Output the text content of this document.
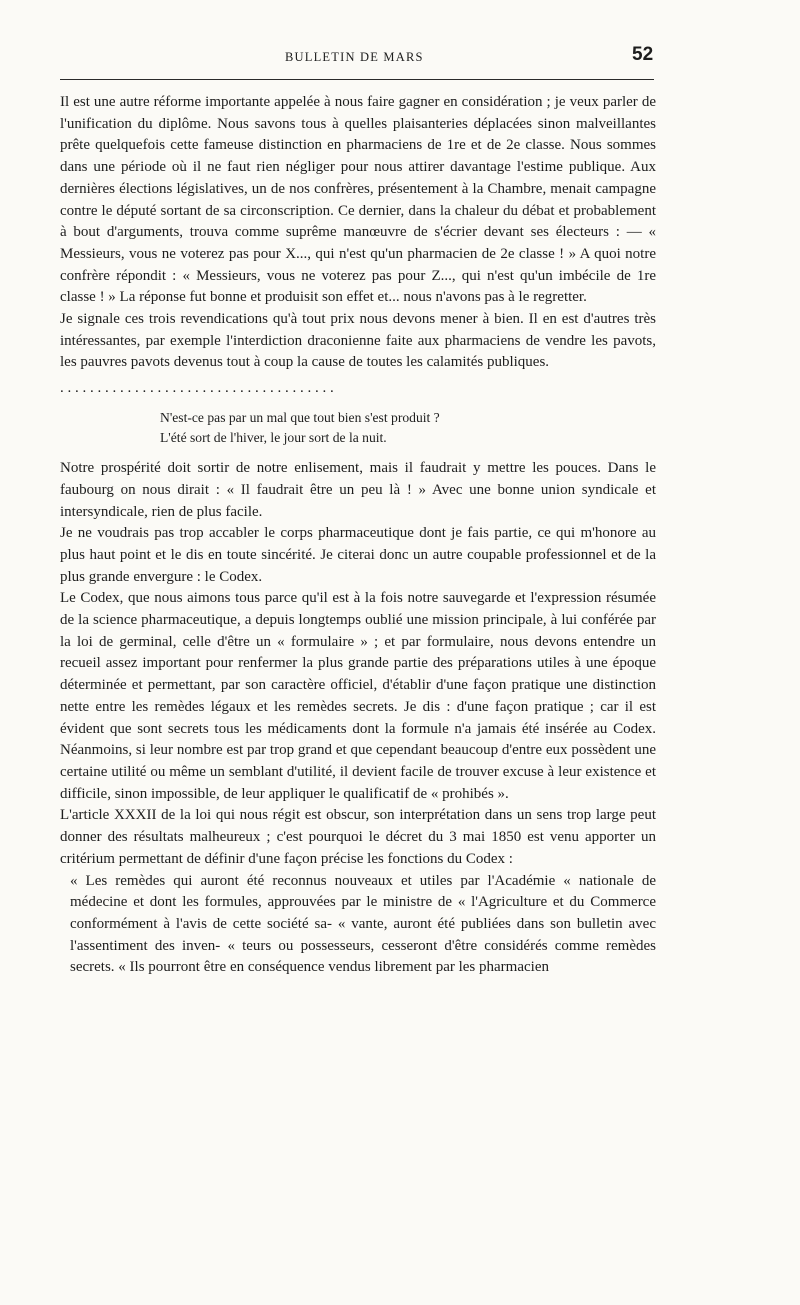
BULLETIN DE MARS	52

Il est une autre réforme importante appelée à nous faire gagner en considération ; je veux parler de l'unification du diplôme. Nous savons tous à quelles plaisanteries déplacées sinon malveillantes prête quelquefois cette fameuse distinction en pharmaciens de 1re et de 2e classe. Nous sommes dans une période où il ne faut rien négliger pour nous attirer davantage l'estime publique. Aux dernières élections législatives, un de nos confrères, présentement à la Chambre, menait campagne contre le député sortant de sa circonscription. Ce dernier, dans la chaleur du débat et probablement à bout d'arguments, trouva comme suprême manœuvre de s'écrier devant ses électeurs : — « Messieurs, vous ne voterez pas pour X..., qui n'est qu'un pharmacien de 2e classe ! » A quoi notre confrère répondit : « Messieurs, vous ne voterez pas pour Z..., qui n'est qu'un imbécile de 1re classe ! » La réponse fut bonne et produisit son effet et... nous n'avons pas à le regretter.

Je signale ces trois revendications qu'à tout prix nous devons mener à bien. Il en est d'autres très intéressantes, par exemple l'interdiction draconienne faite aux pharmaciens de vendre les pavots, les pauvres pavots devenus tout à coup la cause de toutes les calamités publiques.

. . . . . . . . . . . . . . . . . . . . . . . . . . . . . . . . . . . . .
N'est-ce pas par un mal que tout bien s'est produit ?
L'été sort de l'hiver, le jour sort de la nuit.

Notre prospérité doit sortir de notre enlisement, mais il faudrait y mettre les pouces. Dans le faubourg on nous dirait : « Il faudrait être un peu là ! » Avec une bonne union syndicale et intersyndicale, rien de plus facile.

Je ne voudrais pas trop accabler le corps pharmaceutique dont je fais partie, ce qui m'honore au plus haut point et le dis en toute sincérité. Je citerai donc un autre coupable professionnel et de la plus grande envergure : le Codex.

Le Codex, que nous aimons tous parce qu'il est à la fois notre sauvegarde et l'expression résumée de la science pharmaceutique, a depuis longtemps oublié une mission principale, à lui conférée par la loi de germinal, celle d'être un « formulaire » ; et par formulaire, nous devons entendre un recueil assez important pour renfermer la plus grande partie des préparations utiles à une époque déterminée et permettant, par son caractère officiel, d'établir d'une façon pratique une distinction nette entre les remèdes légaux et les remèdes secrets. Je dis : d'une façon pratique ; car il est évident que sont secrets tous les médicaments dont la formule n'a jamais été insérée au Codex. Néanmoins, si leur nombre est par trop grand et que cependant beaucoup d'entre eux possèdent une certaine utilité ou même un semblant d'utilité, il devient facile de trouver excuse à leur existence et difficile, sinon impossible, de leur appliquer le qualificatif de « prohibés ».

L'article XXXII de la loi qui nous régit est obscur, son interprétation dans un sens trop large peut donner des résultats malheureux ; c'est pourquoi le décret du 3 mai 1850 est venu apporter un critérium permettant de définir d'une façon précise les fonctions du Codex :

« Les remèdes qui auront été reconnus nouveaux et utiles par l'Académie « nationale de médecine et dont les formules, approuvées par le ministre de « l'Agriculture et du Commerce conformément à l'avis de cette société sa- « vante, auront été publiées dans son bulletin avec l'assentiment des inven- « teurs ou possesseurs, cesseront d'être considérés comme remèdes secrets. « Ils pourront être en conséquence vendus librement par les pharmacien
